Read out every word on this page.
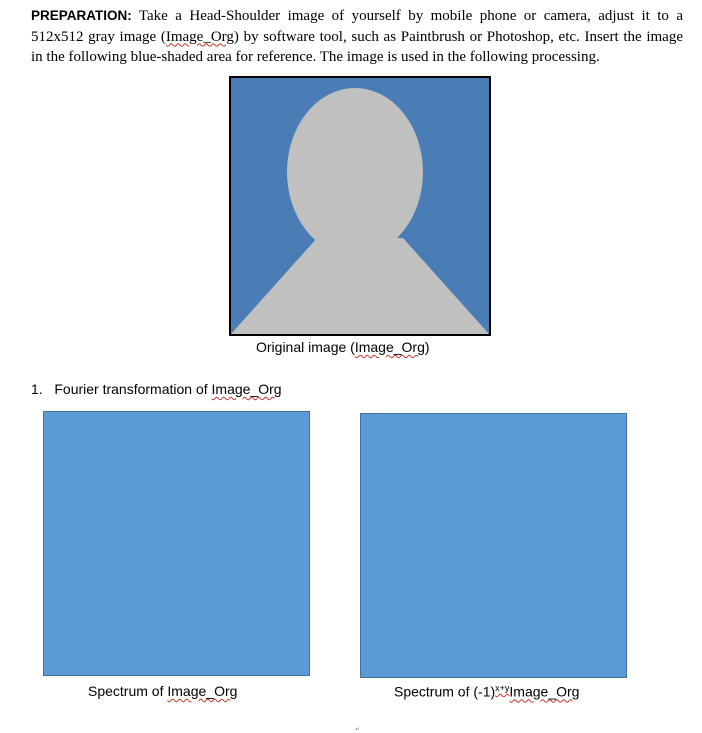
PREPARATION: Take a Head-Shoulder image of yourself by mobile phone or camera, adjust it to a 512x512 gray image (Image_Org) by software tool, such as Paintbrush or Photoshop, etc. Insert the image in the following blue-shaded area for reference. The image is used in the following processing.
Original image (Image_Org)
1. Fourier transformation of Image_Org
Spectrum of Image_Org	Spectrum of $(-1)^{x+y}Image\_Org$
↵
